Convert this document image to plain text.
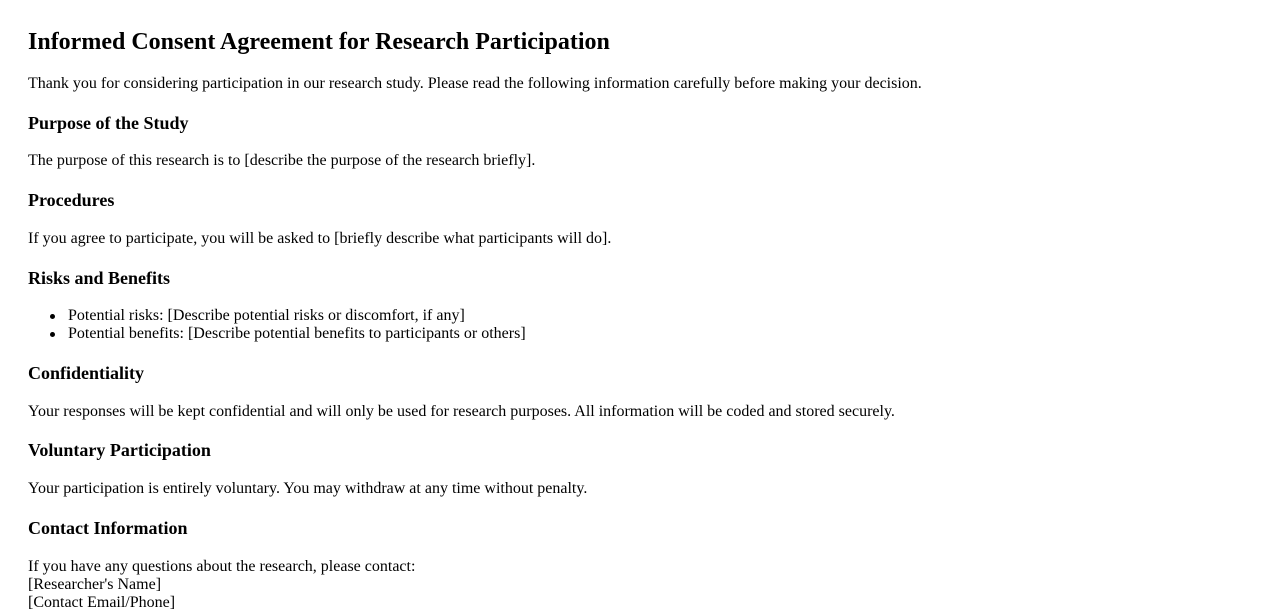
Informed Consent Agreement for Research Participation

Thank you for considering participation in our research study. Please read the following information carefully before making your decision.

Purpose of the Study

The purpose of this research is to [describe the purpose of the research briefly].

Procedures

If you agree to participate, you will be asked to [briefly describe what participants will do].

Risks and Benefits
Potential risks: [Describe potential risks or discomfort, if any]
Potential benefits: [Describe potential benefits to participants or others]
Confidentiality

Your responses will be kept confidential and will only be used for research purposes. All information will be coded and stored securely.

Voluntary Participation

Your participation is entirely voluntary. You may withdraw at any time without penalty.

Contact Information

If you have any questions about the research, please contact:
[Researcher's Name]
[Contact Email/Phone]
